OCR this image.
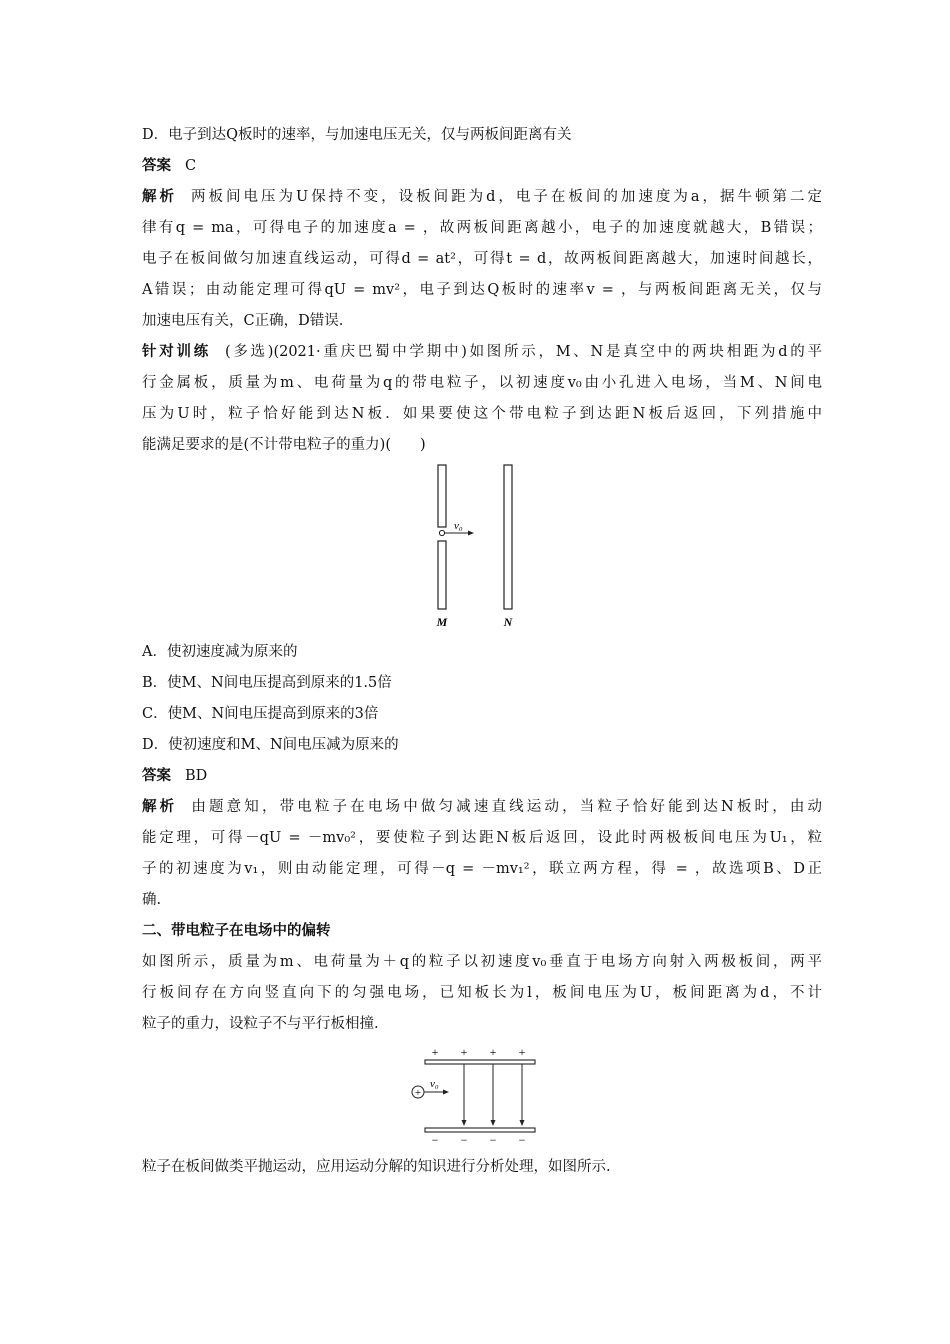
D．电子到达Q板时的速率，与加速电压无关，仅与两板间距离有关
答案 C
解析 两板间电压为U保持不变，设板间距为d，电子在板间的加速度为a，据牛顿第二定
律有q = ma，可得电子的加速度a = ，故两板间距离越小，电子的加速度就越大，B错误；
电子在板间做匀加速直线运动，可得d = at²，可得t = d，故两板间距离越大，加速时间越长，
A错误；由动能定理可得qU = mv²，电子到达Q板时的速率v = ，与两板间距离无关，仅与
加速电压有关，C正确，D错误.
针对训练 (多选)(2021·重庆巴蜀中学期中)如图所示，M、N是真空中的两块相距为d的平
行金属板，质量为m、电荷量为q的带电粒子，以初速度v₀由小孔进入电场，当M、N间电
压为U时，粒子恰好能到达N板．如果要使这个带电粒子到达距N板后返回，下列措施中
能满足要求的是(不计带电粒子的重力)(　　)
v₀
M	N
A．使初速度减为原来的
B．使M、N间电压提高到原来的1.5倍
C．使M、N间电压提高到原来的3倍
D．使初速度和M、N间电压减为原来的
答案 BD
解析 由题意知，带电粒子在电场中做匀减速直线运动，当粒子恰好能到达N板时，由动
能定理，可得－qU = －mv₀²，要使粒子到达距N板后返回，设此时两极板间电压为U₁，粒
子的初速度为v₁，则由动能定理，可得－q = －mv₁²，联立两方程，得 = ，故选项B、D正
确.
二、带电粒子在电场中的偏转
如图所示，质量为m、电荷量为＋q的粒子以初速度v₀垂直于电场方向射入两极板间，两平
行板间存在方向竖直向下的匀强电场，已知板长为l，板间电压为U，板间距离为d，不计
粒子的重力，设粒子不与平行板相撞.
+ + + +
+
v₀
− − − −
粒子在板间做类平抛运动，应用运动分解的知识进行分析处理，如图所示.
